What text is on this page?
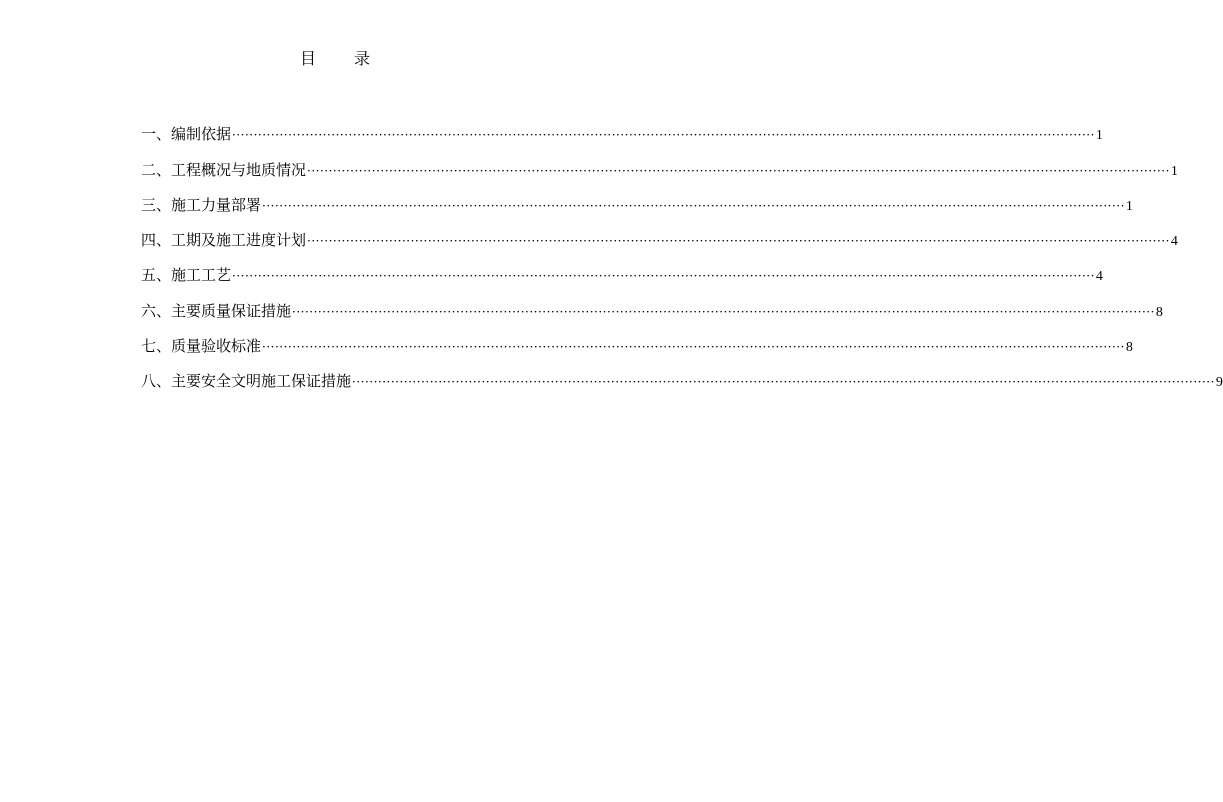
目 录
一、 编制依据 ········································································································································································································ 1
二、 工程概况与地质情况 ········································································································································································································ 1
三、 施工力量部署 ········································································································································································································ 1
四、 工期及施工进度计划 ········································································································································································································ 4
五、 施工工艺 ········································································································································································································ 4
六、 主要质量保证措施 ········································································································································································································ 8
七、 质量验收标准 ········································································································································································································ 8
八、 主要安全文明施工保证措施 ········································································································································································································ 9
